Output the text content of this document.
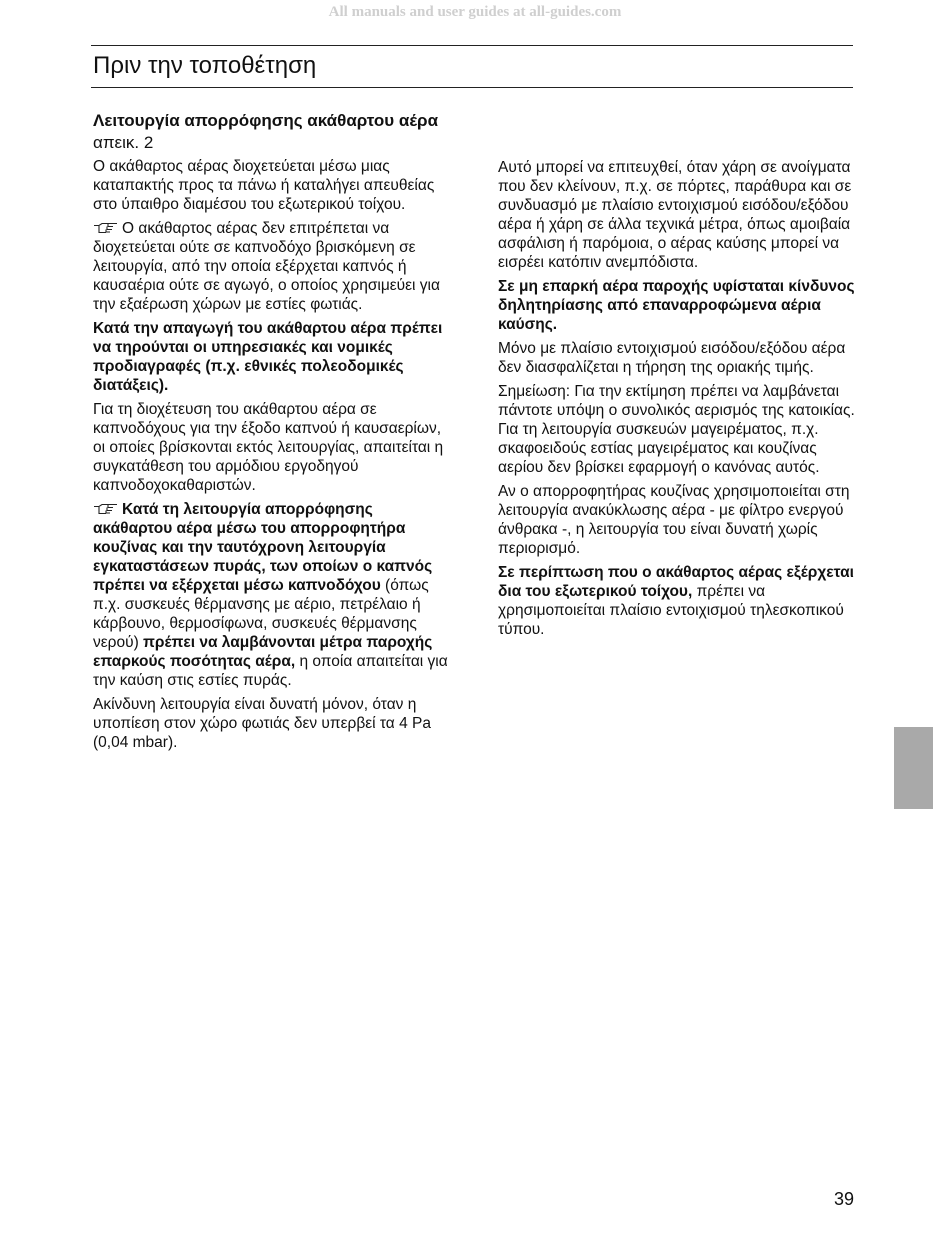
All manuals and user guides at all-guides.com
Πριν την τοποθέτηση
Λειτουργία απορρόφησης ακάθαρτου αέρα απεικ. 2

Ο ακάθαρτος αέρας διοχετεύεται μέσω μιας καταπακτής προς τα πάνω ή καταλήγει απευθείας στο ύπαιθρο διαμέσου του εξωτερικού τοίχου.

Ο ακάθαρτος αέρας δεν επιτρέπεται να διοχετεύεται ούτε σε καπνοδόχο βρισκόμενη σε λειτουργία, από την οποία εξέρχεται καπνός ή καυσαέρια ούτε σε αγωγό, ο οποίος χρησιμεύει για την εξαέρωση χώρων με εστίες φωτιάς.

Κατά την απαγωγή του ακάθαρτου αέρα πρέπει να τηρούνται οι υπηρεσιακές και νομικές προδιαγραφές (π.χ. εθνικές πολεοδομικές διατάξεις).

Για τη διοχέτευση του ακάθαρτου αέρα σε καπνοδόχους για την έξοδο καπνού ή καυσαερίων, οι οποίες βρίσκονται εκτός λειτουργίας, απαιτείται η συγκατάθεση του αρμόδιου εργοδηγού καπνοδοχοκαθαριστών.

Κατά τη λειτουργία απορρόφησης ακάθαρτου αέρα μέσω του απορροφητήρα κουζίνας και την ταυτόχρονη λειτουργία εγκαταστάσεων πυράς, των οποίων ο καπνός πρέπει να εξέρχεται μέσω καπνοδόχου (όπως π.χ. συσκευές θέρμανσης με αέριο, πετρέλαιο ή κάρβουνο, θερμοσίφωνα, συσκευές θέρμανσης νερού) πρέπει να λαμβάνονται μέτρα παροχής επαρκούς ποσότητας αέρα, η οποία απαιτείται για την καύση στις εστίες πυράς.

Ακίνδυνη λειτουργία είναι δυνατή μόνον, όταν η υποπίεση στον χώρο φωτιάς δεν υπερβεί τα 4 Pa (0,04 mbar).

Αυτό μπορεί να επιτευχθεί, όταν χάρη σε ανοίγματα που δεν κλείνουν, π.χ. σε πόρτες, παράθυρα και σε συνδυασμό με πλαίσιο εντοιχισμού εισόδου/εξόδου αέρα ή χάρη σε άλλα τεχνικά μέτρα, όπως αμοιβαία ασφάλιση ή παρόμοια, ο αέρας καύσης μπορεί να εισρέει κατόπιν ανεμπόδιστα.

Σε μη επαρκή αέρα παροχής υφίσταται κίνδυνος δηλητηρίασης από επαναρροφώμενα αέρια καύσης.

Μόνο με πλαίσιο εντοιχισμού εισόδου/εξόδου αέρα δεν διασφαλίζεται η τήρηση της οριακής τιμής.

Σημείωση: Για την εκτίμηση πρέπει να λαμβάνεται πάντοτε υπόψη ο συνολικός αερισμός της κατοικίας. Για τη λειτουργία συσκευών μαγειρέματος, π.χ. σκαφοειδούς εστίας μαγειρέματος και κουζίνας αερίου δεν βρίσκει εφαρμογή ο κανόνας αυτός.

Αν ο απορροφητήρας κουζίνας χρησιμοποιείται στη λειτουργία ανακύκλωσης αέρα - με φίλτρο ενεργού άνθρακα -, η λειτουργία του είναι δυνατή χωρίς περιορισμό.

Σε περίπτωση που ο ακάθαρτος αέρας εξέρχεται δια του εξωτερικού τοίχου, πρέπει να χρησιμοποιείται πλαίσιο εντοιχισμού τηλεσκοπικού τύπου.

39
